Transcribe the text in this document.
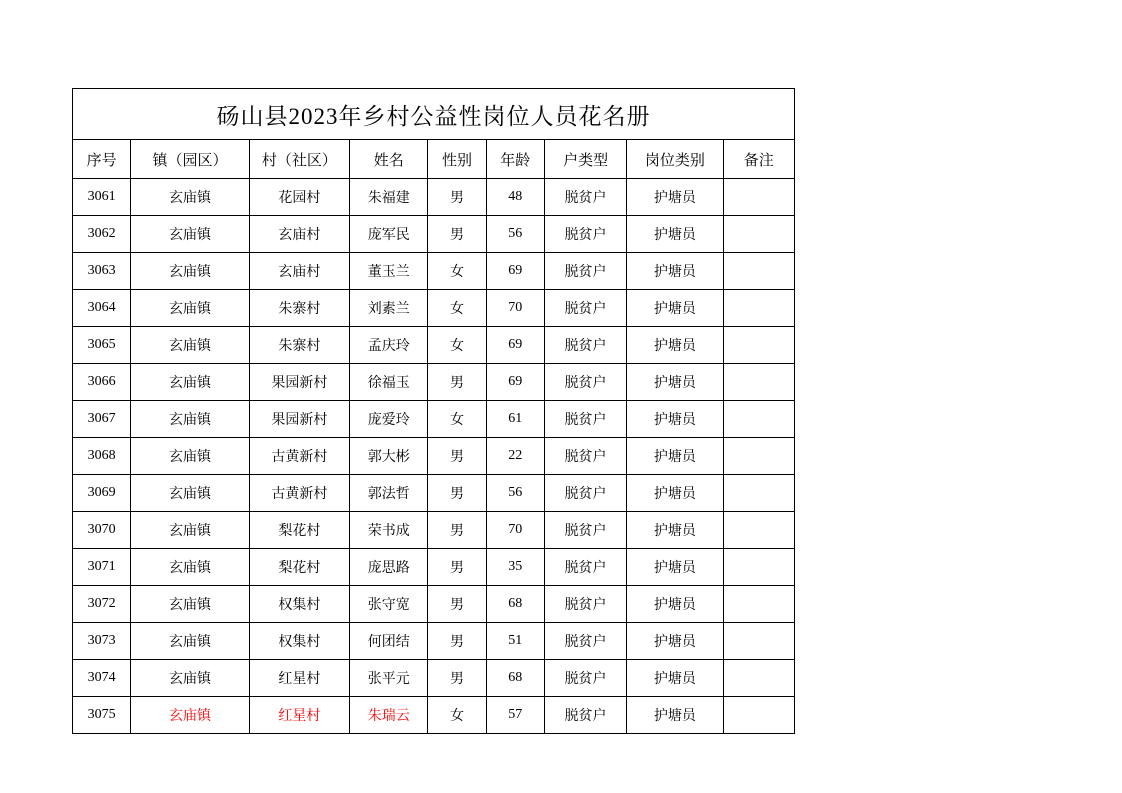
砀山县2023年乡村公益性岗位人员花名册								
序号	镇（园区）	村（社区）	姓名	性别	年龄	户类型	岗位类别	备注
3061	玄庙镇	花园村	朱福建	男	48	脱贫户	护塘员	
3062	玄庙镇	玄庙村	庞军民	男	56	脱贫户	护塘员	
3063	玄庙镇	玄庙村	董玉兰	女	69	脱贫户	护塘员	
3064	玄庙镇	朱寨村	刘素兰	女	70	脱贫户	护塘员	
3065	玄庙镇	朱寨村	孟庆玲	女	69	脱贫户	护塘员	
3066	玄庙镇	果园新村	徐福玉	男	69	脱贫户	护塘员	
3067	玄庙镇	果园新村	庞爱玲	女	61	脱贫户	护塘员	
3068	玄庙镇	古黄新村	郭大彬	男	22	脱贫户	护塘员	
3069	玄庙镇	古黄新村	郭法哲	男	56	脱贫户	护塘员	
3070	玄庙镇	梨花村	荣书成	男	70	脱贫户	护塘员	
3071	玄庙镇	梨花村	庞思路	男	35	脱贫户	护塘员	
3072	玄庙镇	权集村	张守宽	男	68	脱贫户	护塘员	
3073	玄庙镇	权集村	何团结	男	51	脱贫户	护塘员	
3074	玄庙镇	红星村	张平元	男	68	脱贫户	护塘员	
3075	玄庙镇	红星村	朱瑞云	女	57	脱贫户	护塘员	
